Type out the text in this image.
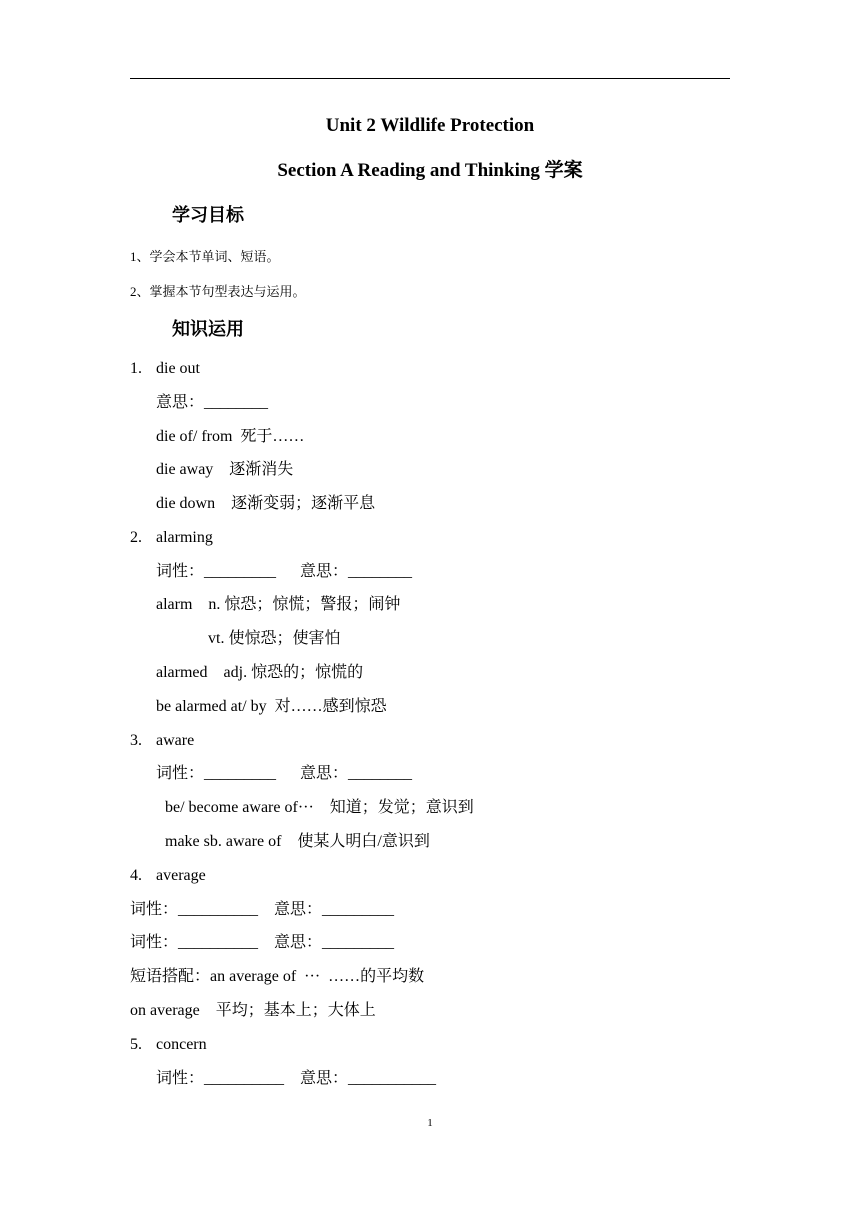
Unit 2 Wildlife Protection
Section A Reading and Thinking 学案
学习目标
1、学会本节单词、短语。
2、掌握本节句型表达与运用。
知识运用
1. die out
意思：________
die of/ from  死于……
die away    逐渐消失
die down    逐渐变弱；逐渐平息
2. alarming
词性：_________      意思：________
alarm    n. 惊恐；惊慌；警报；闹钟
vt. 使惊恐；使害怕
alarmed    adj. 惊恐的；惊慌的
be alarmed at/ by  对……感到惊恐
3. aware
词性：_________      意思：________
be/ become aware of···    知道；发觉；意识到
make sb. aware of    使某人明白/意识到
4. average
词性：__________    意思：_________
词性：__________    意思：_________
短语搭配：an average of  ···  ……的平均数
on average    平均；基本上；大体上
5. concern
词性：__________    意思：___________
1
